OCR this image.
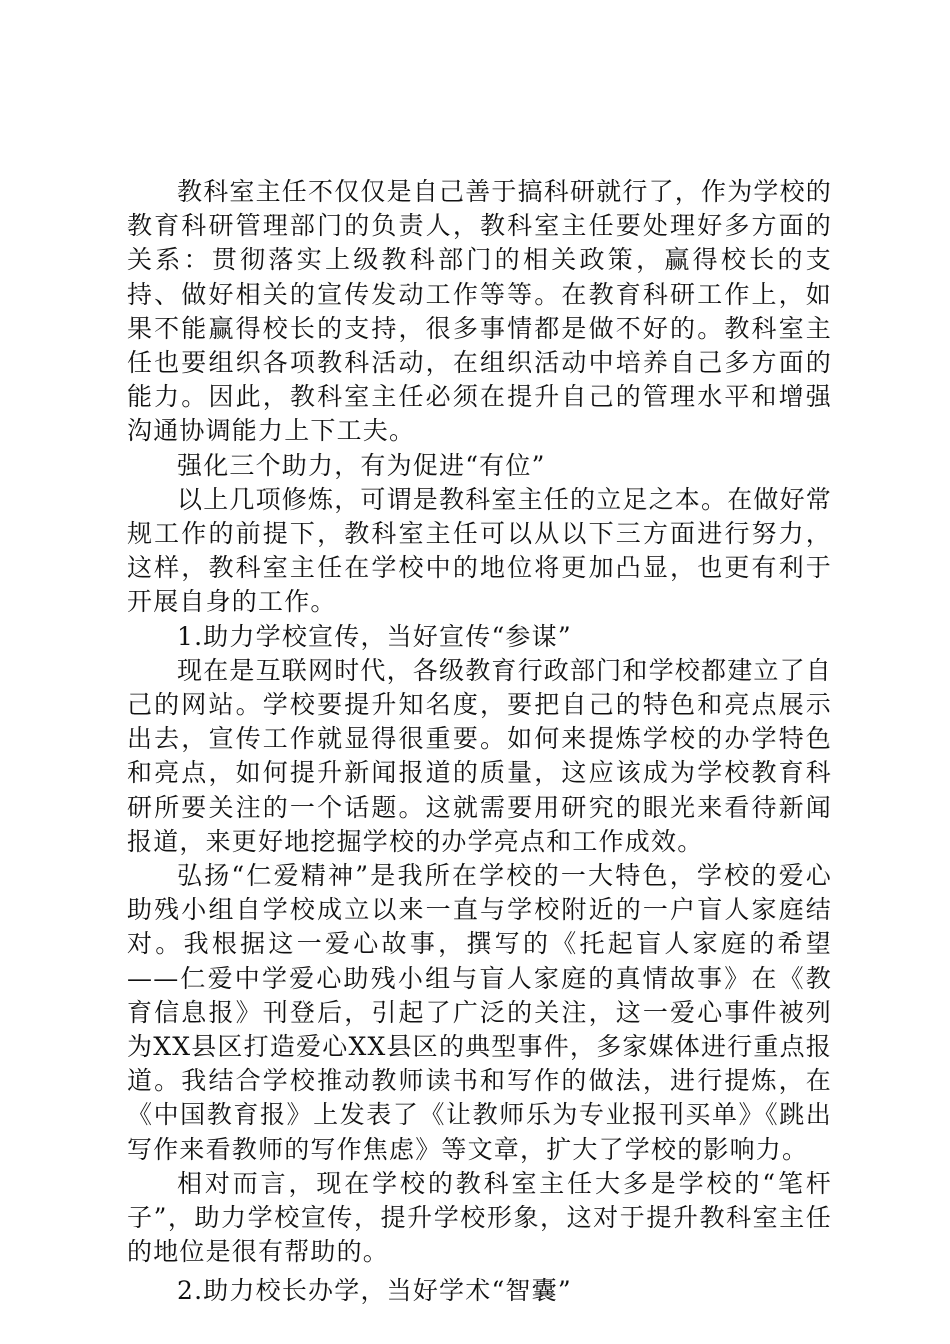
教科室主任不仅仅是自己善于搞科研就行了，作为学校的教育科研管理部门的负责人，教科室主任要处理好多方面的关系：贯彻落实上级教科部门的相关政策，赢得校长的支持、做好相关的宣传发动工作等等。在教育科研工作上，如果不能赢得校长的支持，很多事情都是做不好的。教科室主任也要组织各项教科活动，在组织活动中培养自己多方面的能力。因此，教科室主任必须在提升自己的管理水平和增强沟通协调能力上下工夫。

强化三个助力，有为促进“有位”

以上几项修炼，可谓是教科室主任的立足之本。在做好常规工作的前提下，教科室主任可以从以下三方面进行努力，这样，教科室主任在学校中的地位将更加凸显，也更有利于开展自身的工作。

1.助力学校宣传，当好宣传“参谋”

现在是互联网时代，各级教育行政部门和学校都建立了自己的网站。学校要提升知名度，要把自己的特色和亮点展示出去，宣传工作就显得很重要。如何来提炼学校的办学特色和亮点，如何提升新闻报道的质量，这应该成为学校教育科研所要关注的一个话题。这就需要用研究的眼光来看待新闻报道，来更好地挖掘学校的办学亮点和工作成效。

弘扬“仁爱精神”是我所在学校的一大特色，学校的爱心助残小组自学校成立以来一直与学校附近的一户盲人家庭结对。我根据这一爱心故事，撰写的《托起盲人家庭的希望——仁爱中学爱心助残小组与盲人家庭的真情故事》在《教育信息报》刊登后，引起了广泛的关注，这一爱心事件被列为XX县区打造爱心XX县区的典型事件，多家媒体进行重点报道。我结合学校推动教师读书和写作的做法，进行提炼，在《中国教育报》上发表了《让教师乐为专业报刊买单》《跳出写作来看教师的写作焦虑》等文章，扩大了学校的影响力。

相对而言，现在学校的教科室主任大多是学校的“笔杆子”，助力学校宣传，提升学校形象，这对于提升教科室主任的地位是很有帮助的。

2.助力校长办学，当好学术“智囊”
